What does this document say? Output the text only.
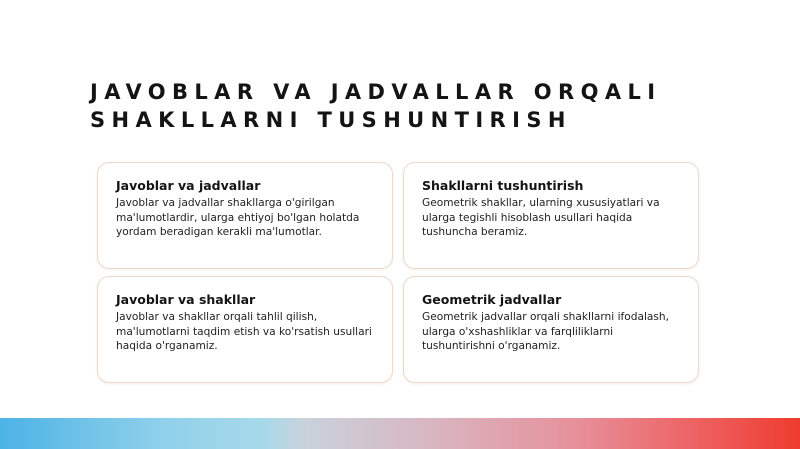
JAVOBLAR VA JADVALLAR ORQALI
SHAKLLARNI TUSHUNTIRISH
Javoblar va jadvallar

Javoblar va jadvallar shakllarga o'girilgan ma'lumotlardir, ularga ehtiyoj bo'lgan holatda yordam beradigan kerakli ma'lumotlar.

Shakllarni tushuntirish

Geometrik shakllar, ularning xususiyatlari va ularga tegishli hisoblash usullari haqida tushuncha beramiz.

Javoblar va shakllar

Javoblar va shakllar orqali tahlil qilish, ma'lumotlarni taqdim etish va ko'rsatish usullari haqida o'rganamiz.

Geometrik jadvallar

Geometrik jadvallar orqali shakllarni ifodalash, ularga o'xshashliklar va farqliliklarni tushuntirishni o'rganamiz.
